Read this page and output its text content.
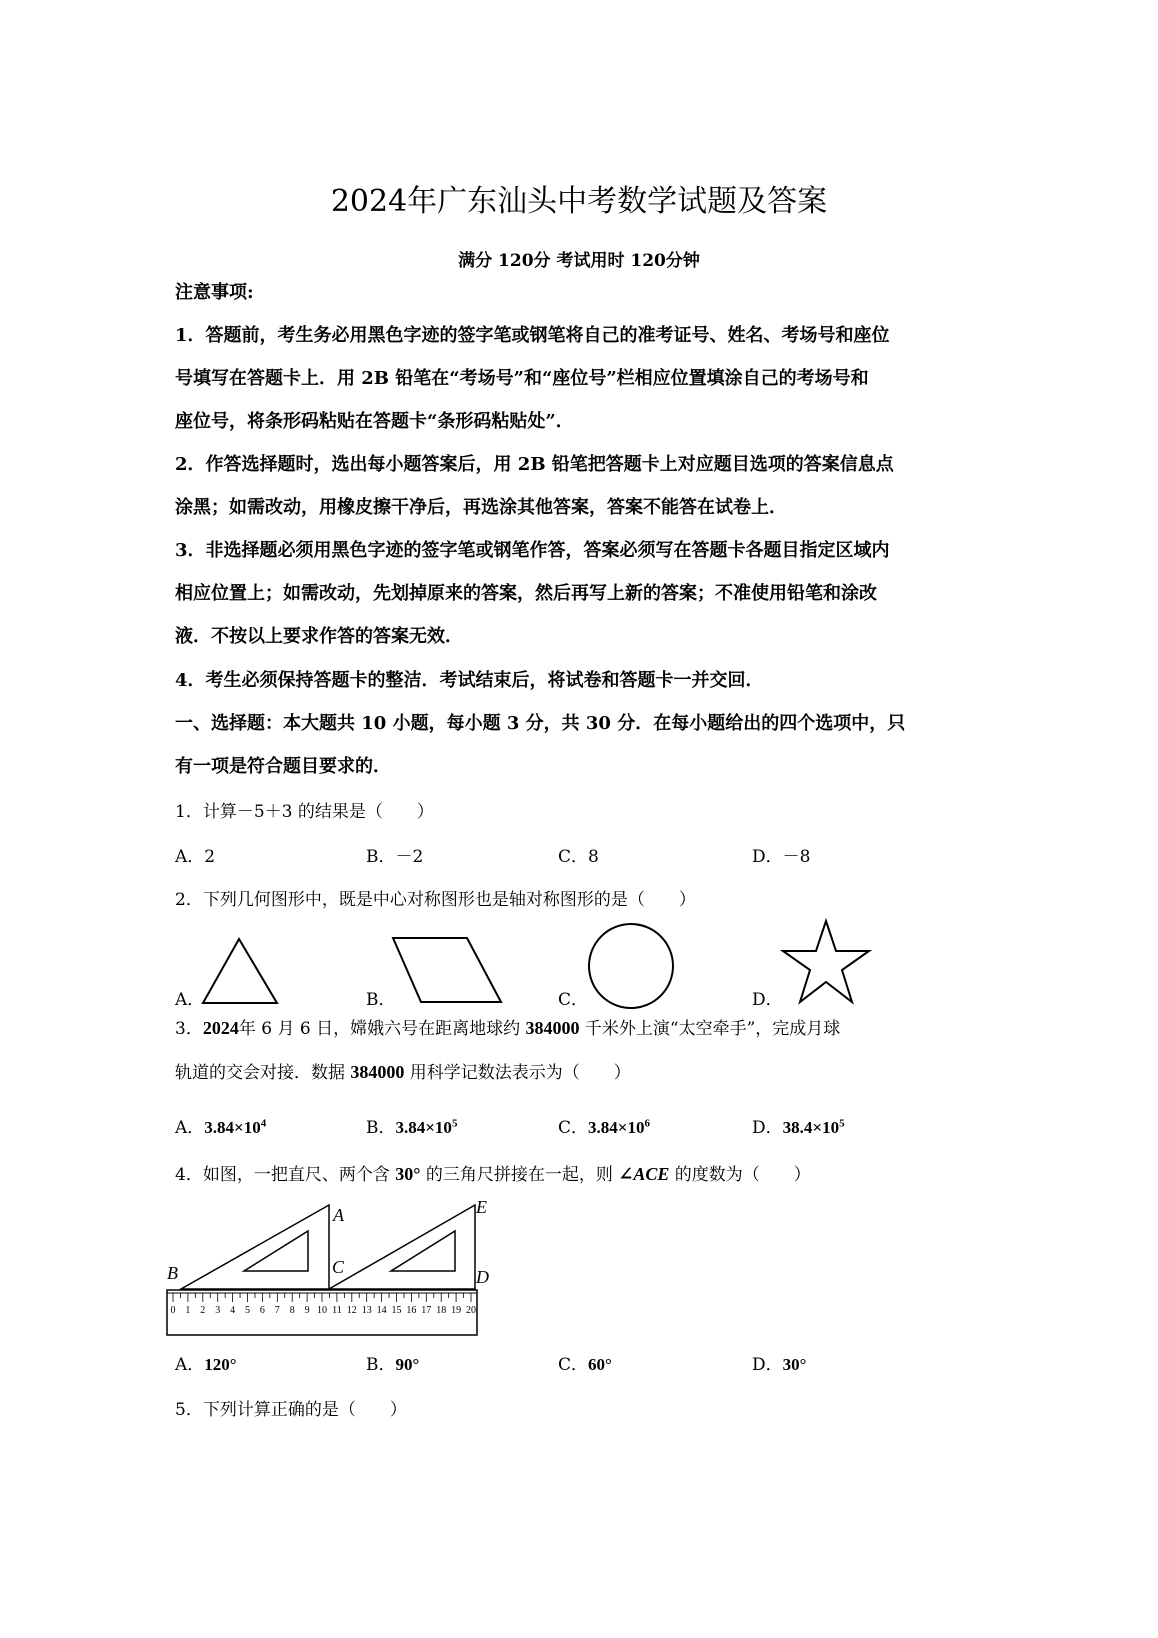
2024年广东汕头中考数学试题及答案
满分 120分 考试用时 120分钟
注意事项:
1．答题前，考生务必用黑色字迹的签字笔或钢笔将自己的准考证号、姓名、考场号和座位
号填写在答题卡上．用 2B 铅笔在“考场号”和“座位号”栏相应位置填涂自己的考场号和
座位号，将条形码粘贴在答题卡“条形码粘贴处”．
2．作答选择题时，选出每小题答案后，用 2B 铅笔把答题卡上对应题目选项的答案信息点
涂黑；如需改动，用橡皮擦干净后，再选涂其他答案，答案不能答在试卷上．
3．非选择题必须用黑色字迹的签字笔或钢笔作答，答案必须写在答题卡各题目指定区域内
相应位置上；如需改动，先划掉原来的答案，然后再写上新的答案；不准使用铅笔和涂改
液．不按以上要求作答的答案无效．
4．考生必须保持答题卡的整洁．考试结束后，将试卷和答题卡一并交回．
一、选择题：本大题共 10 小题，每小题 3 分，共 30 分．在每小题给出的四个选项中，只
有一项是符合题目要求的．
1．计算－5＋3 的结果是（　　）
A．2	B．－2	C．8	D．－8
2．下列几何图形中，既是中心对称图形也是轴对称图形的是（　　）
A．	B．	C．	D．
3．2024年 6 月 6 日，嫦娥六号在距离地球约 384000 千米外上演“太空牵手”，完成月球
轨道的交会对接．数据 384000 用科学记数法表示为（　　）
A．$3.84\times 10^4$	B．$3.84\times 10^5$	C．$3.84\times 10^6$	D．$38.4\times 10^5$
4．如图，一把直尺、两个含 30° 的三角尺拼接在一起，则 ∠ACE 的度数为（　　）
0 1 2 3 4 5 6 7 8 9 10 11 12 13 14 15 16 17 18 19 20
B
A
C
E
D
A．120°	B．90°	C．60°	D．30°
5．下列计算正确的是（　　）
